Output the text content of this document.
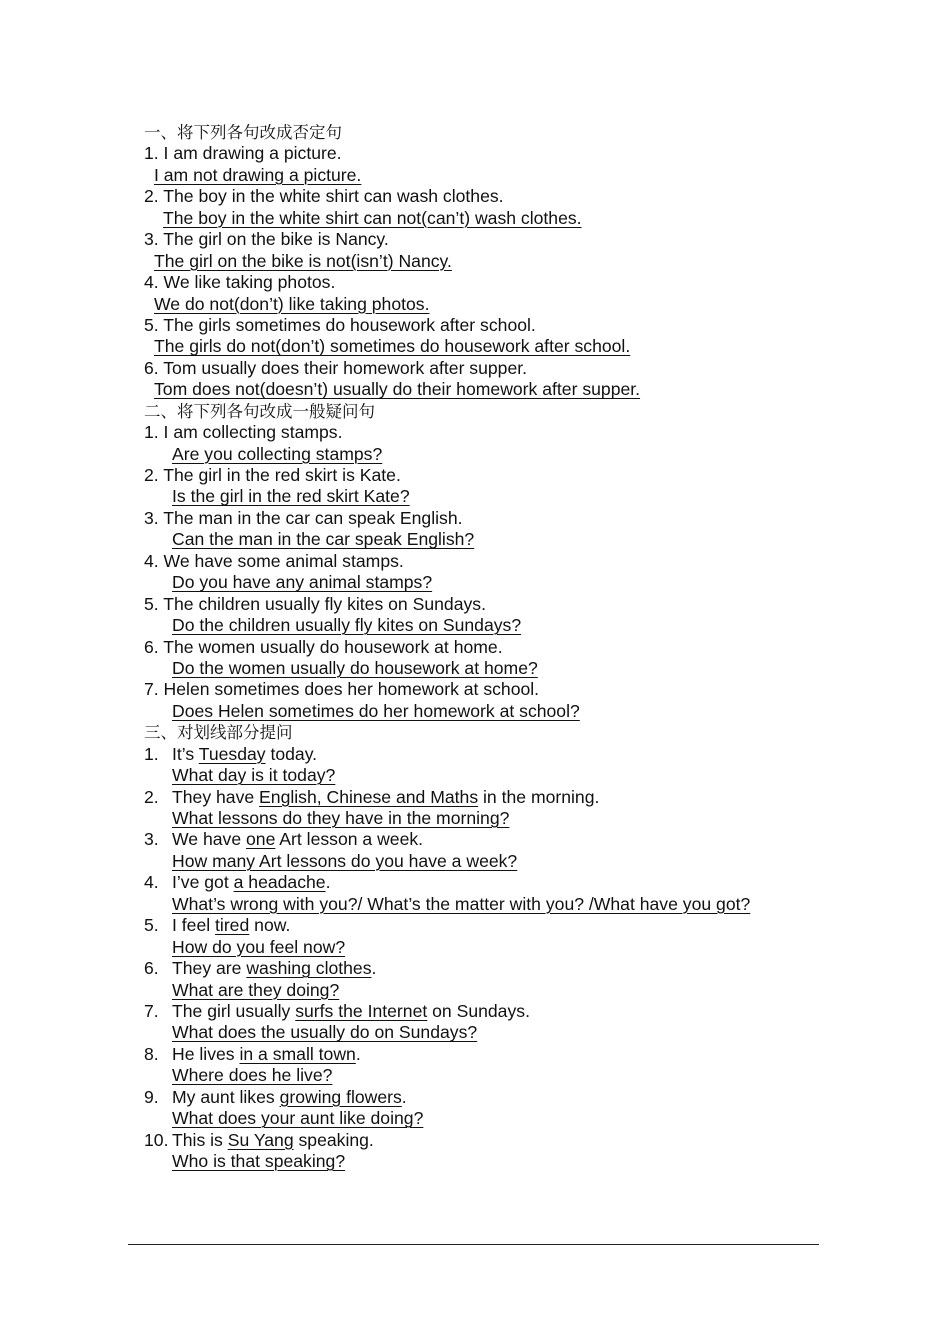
一、将下列各句改成否定句
1. I am drawing a picture.
I am not drawing a picture.
2. The boy in the white shirt can wash clothes.
The boy in the white shirt can not(can’t) wash clothes.
3. The girl on the bike is Nancy.
The girl on the bike is not(isn’t) Nancy.
4. We like taking photos.
We do not(don’t) like taking photos.
5. The girls sometimes do housework after school.
The girls do not(don’t) sometimes do housework after school.
6. Tom usually does their homework after supper.
Tom does not(doesn’t) usually do their homework after supper.
二、将下列各句改成一般疑问句
1. I am collecting stamps.
Are you collecting stamps?
2. The girl in the red skirt is Kate.
Is the girl in the red skirt Kate?
3. The man in the car can speak English.
Can the man in the car speak English?
4. We have some animal stamps.
Do you have any animal stamps?
5. The children usually fly kites on Sundays.
Do the children usually fly kites on Sundays?
6. The women usually do housework at home.
Do the women usually do housework at home?
7. Helen sometimes does her homework at school.
Does Helen sometimes do her homework at school?
三、对划线部分提问
1. It’s Tuesday today.
What day is it today?
2. They have English, Chinese and Maths in the morning.
What lessons do they have in the morning?
3. We have one Art lesson a week.
How many Art lessons do you have a week?
4. I’ve got a headache.
What’s wrong with you?/ What’s the matter with you? /What have you got?
5. I feel tired now.
How do you feel now?
6. They are washing clothes.
What are they doing?
7. The girl usually surfs the Internet on Sundays.
What does the usually do on Sundays?
8. He lives in a small town.
Where does he live?
9. My aunt likes growing flowers.
What does your aunt like doing?
10. This is Su Yang speaking.
Who is that speaking?
